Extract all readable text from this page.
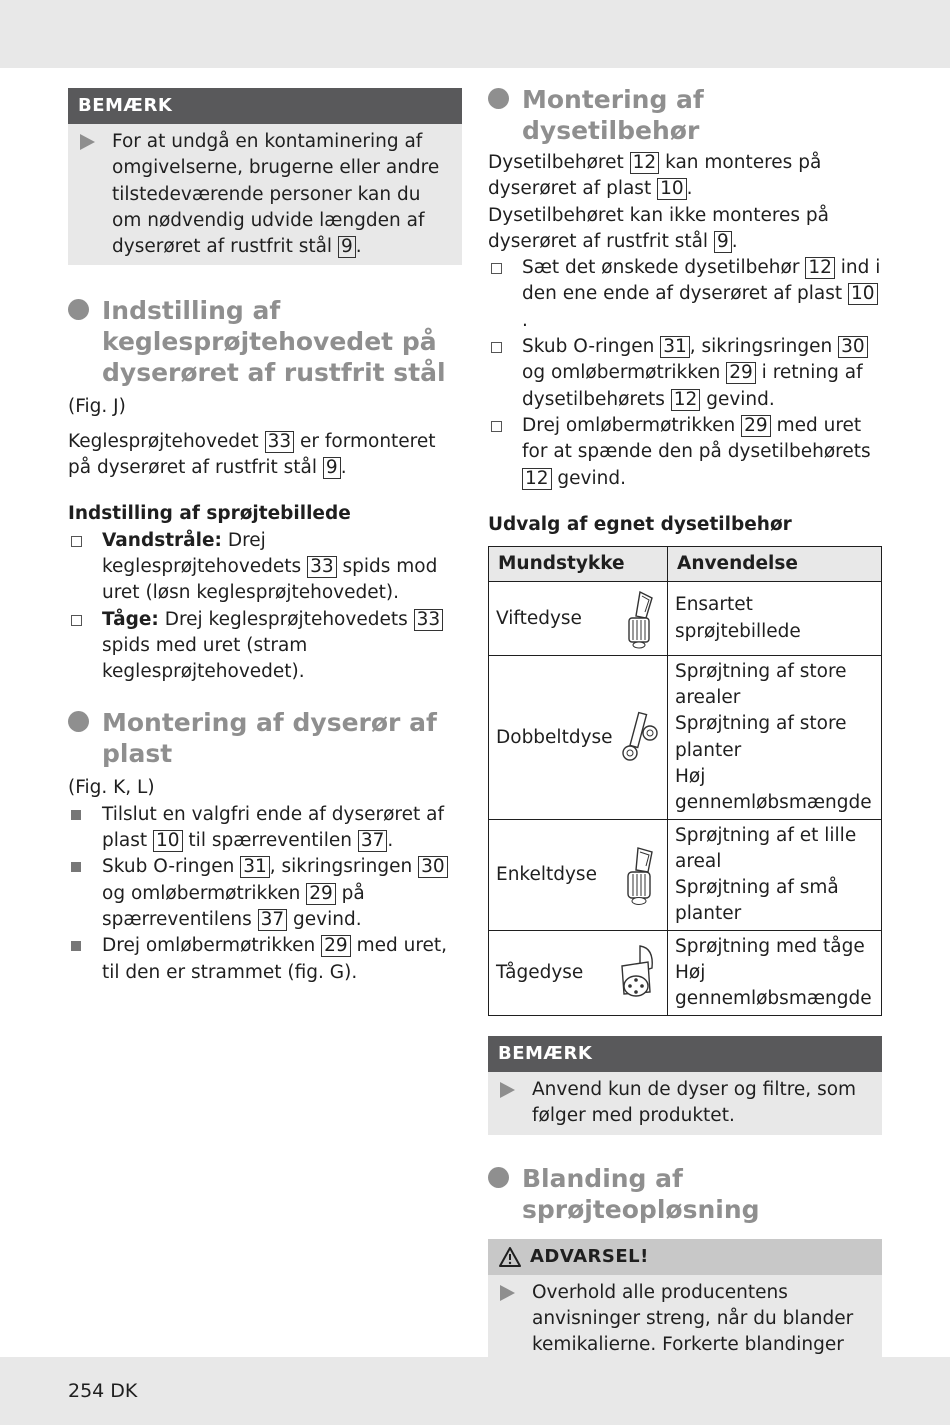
BEMÆRK
For at undgå en kontaminering af omgivelserne, brugerne eller andre tilstedeværende personer kan du om nødvendig udvide længden af dyserøret af rustfrit stål 9 .
Indstilling af keglesprøjtehovedet på dyserøret af rustfrit stål

(Fig. J)

Keglesprøjtehovedet 33 er formonteret på dyserøret af rustfrit stål 9 .

Indstilling af sprøjtebillede

Vandstråle: Drej keglesprøjtehovedets 33 spids mod uret (løsn keglesprøjtehovedet).
Tåge: Drej keglesprøjtehovedets 33 spids med uret (stram keglesprøjtehovedet).
Montering af dyserør af plast

(Fig. K, L)

Tilslut en valgfri ende af dyserøret af plast 10 til spærreventilen 37 .
Skub O-ringen 31 , sikringsringen 30 og omløbermøtrikken 29 på spærreventilens 37 gevind.
Drej omløbermøtrikken 29 med uret, til den er strammet (fig. G).
Montering af dysetilbehør

Dysetilbehøret 12 kan monteres på dyserøret af plast 10 .

Dysetilbehøret kan ikke monteres på dyserøret af rustfrit stål 9 .

Sæt det ønskede dysetilbehør 12 ind i den ene ende af dyserøret af plast 10.
Skub O-ringen 31 , sikringsringen 30 og omløbermøtrikken 29 i retning af dysetilbehørets 12 gevind.
Drej omløbermøtrikken 29 med uret for at spænde den på dysetilbehørets 12 gevind.

Udvalg af egnet dysetilbehør

Mundstykke	Anvendelse

Viftedyse	Ensartet sprøjtebillede

Dobbeltdyse	Sprøjtning af store arealer
Sprøjtning af store planter
Høj gennemløbsmængde

Enkeltdyse	Sprøjtning af et lille areal
Sprøjtning af små planter

Tågedyse	Sprøjtning med tåge
Høj gennemløbsmængde
BEMÆRK
Anvend kun de dyser og filtre, som følger med produktet.
Blanding af sprøjteopløsning
ADVARSEL!
Overhold alle producentens anvisninger streng, når du blander kemikalierne. Forkerte blandinger
254 DK
